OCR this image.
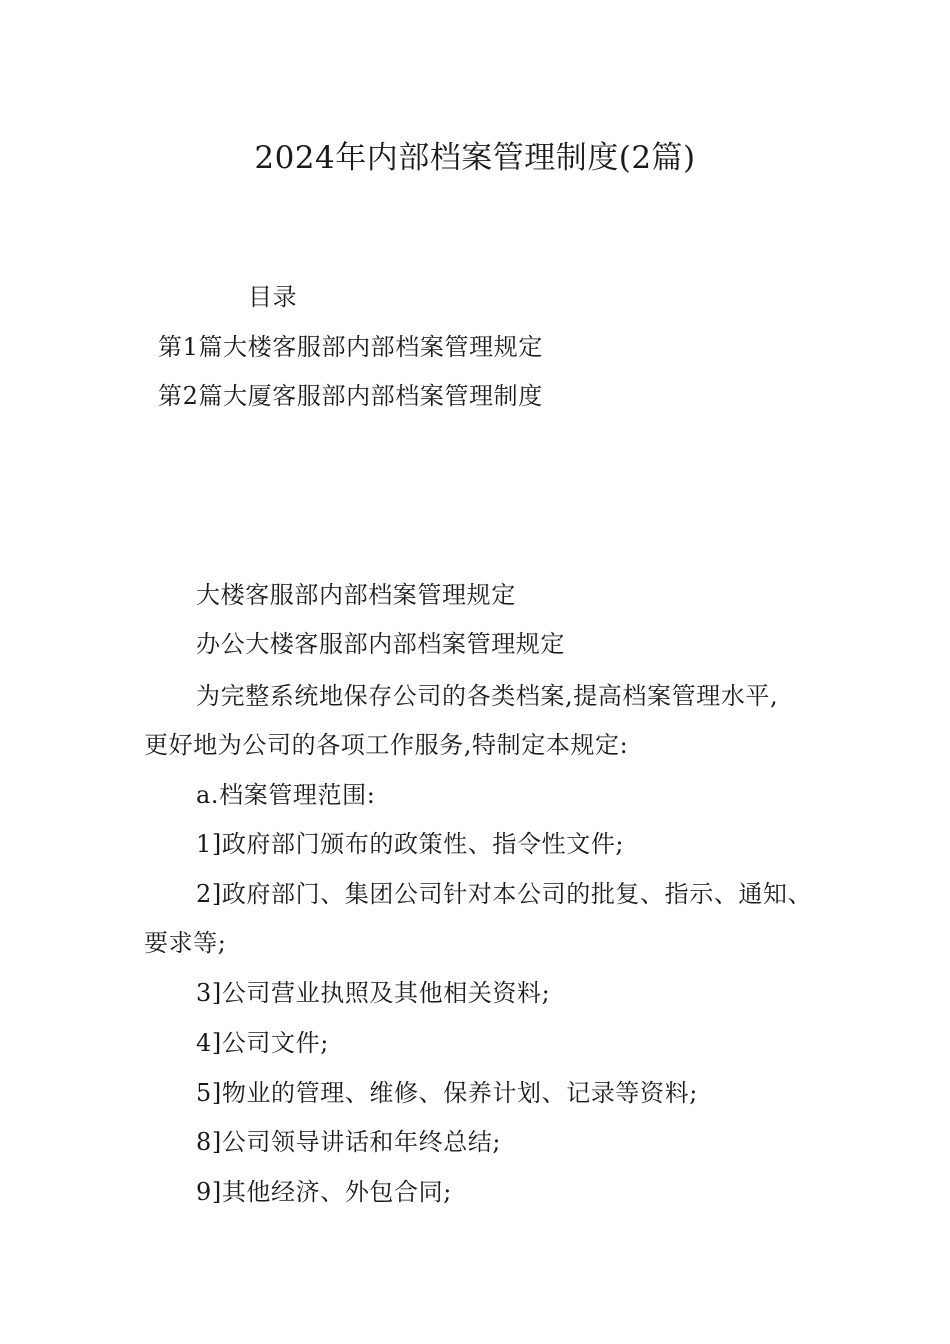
2024年内部档案管理制度(2篇)
目录
第1篇大楼客服部内部档案管理规定
第2篇大厦客服部内部档案管理制度
大楼客服部内部档案管理规定
办公大楼客服部内部档案管理规定
为完整系统地保存公司的各类档案,提高档案管理水平,
更好地为公司的各项工作服务,特制定本规定:
a.档案管理范围:
1]政府部门颁布的政策性、指令性文件;
2]政府部门、集团公司针对本公司的批复、指示、通知、
要求等;
3]公司营业执照及其他相关资料;
4]公司文件;
5]物业的管理、维修、保养计划、记录等资料;
8]公司领导讲话和年终总结;
9]其他经济、外包合同;
